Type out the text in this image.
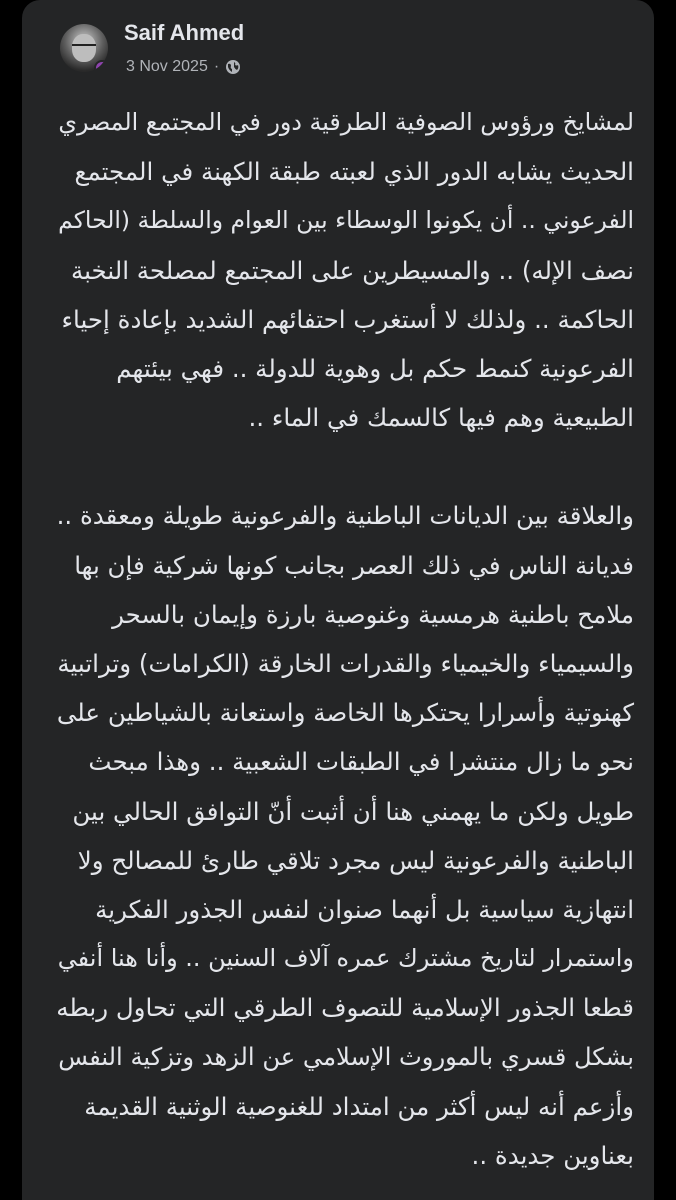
Saif Ahmed
3 Nov 2025 ·
لمشايخ ورؤوس الصوفية الطرقية دور في المجتمع المصري
الحديث يشابه الدور الذي لعبته طبقة الكهنة في المجتمع
الفرعوني .. أن يكونوا الوسطاء بين العوام والسلطة (الحاكم
نصف الإله) .. والمسيطرين على المجتمع لمصلحة النخبة
الحاكمة .. ولذلك لا أستغرب احتفائهم الشديد بإعادة إحياء
الفرعونية كنمط حكم بل وهوية للدولة .. فهي بيئتهم
الطبيعية وهم فيها كالسمك في الماء ..
والعلاقة بين الديانات الباطنية والفرعونية طويلة ومعقدة ..
فديانة الناس في ذلك العصر بجانب كونها شركية فإن بها
ملامح باطنية هرمسية وغنوصية بارزة وإيمان بالسحر
والسيمياء والخيمياء والقدرات الخارقة (الكرامات) وتراتبية
كهنوتية وأسرارا يحتكرها الخاصة واستعانة بالشياطين على
نحو ما زال منتشرا في الطبقات الشعبية .. وهذا مبحث
طويل ولكن ما يهمني هنا أن أثبت أنّ التوافق الحالي بين
الباطنية والفرعونية ليس مجرد تلاقي طارئ للمصالح ولا
انتهازية سياسية بل أنهما صنوان لنفس الجذور الفكرية
واستمرار لتاريخ مشترك عمره آلاف السنين .. وأنا هنا أنفي
قطعا الجذور الإسلامية للتصوف الطرقي التي تحاول ربطه
بشكل قسري بالموروث الإسلامي عن الزهد وتزكية النفس
وأزعم أنه ليس أكثر من امتداد للغنوصية الوثنية القديمة
بعناوين جديدة ..
